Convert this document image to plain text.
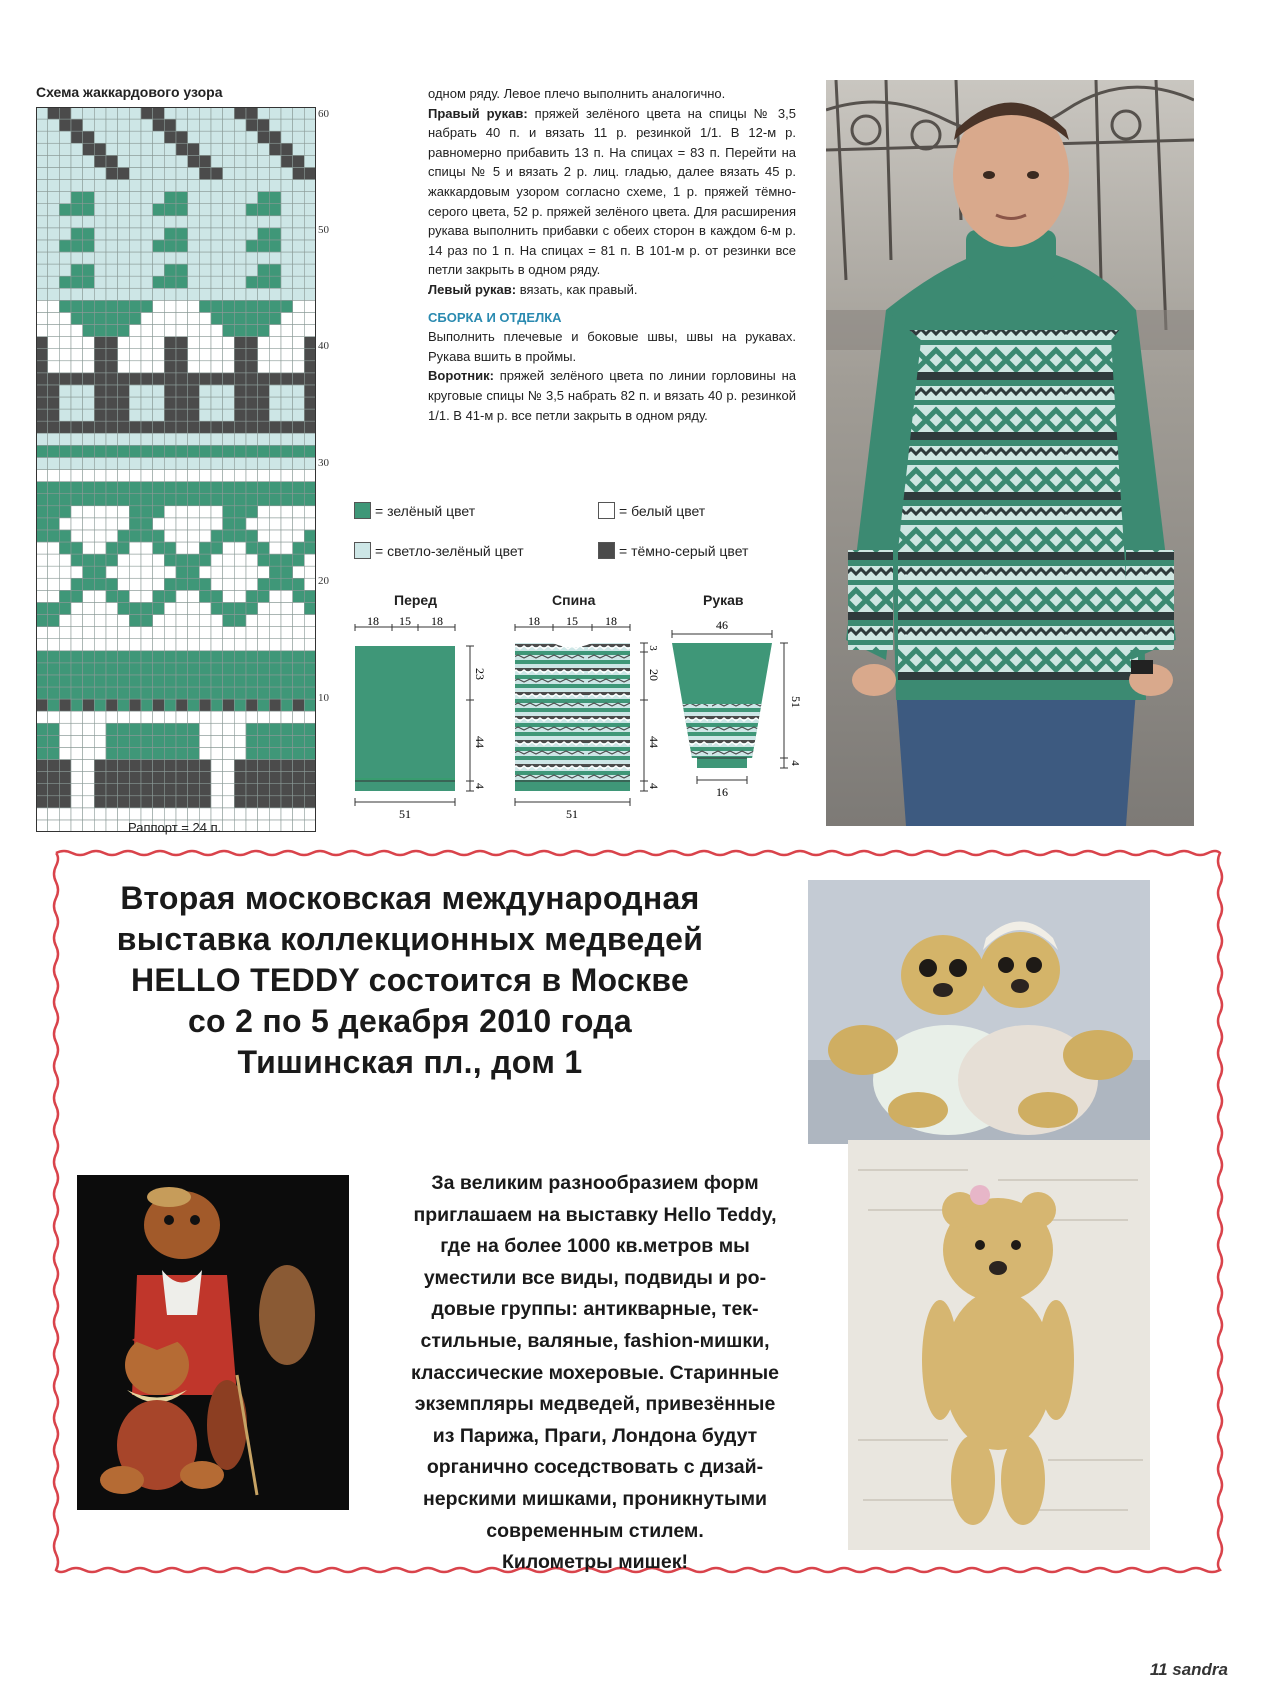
Схема жаккардового узора
60
50
40
30
20
10
Раппорт = 24 п.

одном ряду. Левое плечо выполнить аналогично.

Правый рукав: пряжей зелёного цвета на спицы № 3,5 набрать 40 п. и вязать 11 р. резинкой 1/1. В 12-м р. равномерно прибавить 13 п. На спицах = 83 п. Перейти на спицы № 5 и вязать 2 р. лиц. гладью, далее вязать 45 р. жаккардовым узором согласно схеме, 1 р. пряжей тёмно-серого цвета, 52 р. пряжей зелёного цвета. Для расширения рукава выполнить прибавки с обеих сторон в каждом 6-м р. 14 раз по 1 п. На спицах = 81 п. В 101-м р. от резинки все петли закрыть в одном ряду.

Левый рукав: вязать, как правый.

СБОРКА И ОТДЕЛКА

Выполнить плечевые и боковые швы, швы на рукавах. Рукава вшить в проймы.

Воротник: пряжей зелёного цвета по линии горловины на круговые спицы № 3,5 набрать 82 п. и вязать 40 р. резинкой 1/1. В 41-м р. все петли закрыть в одном ряду.

= зелёный цвет	= белый цвет
= светло-зелёный цвет	= тёмно-серый цвет
Перед	Спина	Рукав
18 15 18
23
44
4
51
18 15 18
3
20
44
4
51
46
51
4
16
Вторая московская международная
выставка коллекционных медведей
HELLO TEDDY состоится в Москве
со 2 по 5 декабря 2010 года
Тишинская пл., дом 1
За великим разнообразием форм
приглашаем на выставку Hello Teddy,
где на более 1000 кв.метров мы
уместили все виды, подвиды и ро-
довые группы: антикварные, тек-
стильные, валяные, fashion-мишки,
классические мохеровые. Старинные
экземпляры медведей, привезённые
из Парижа, Праги, Лондона будут
органично соседствовать с дизай-
нерскими мишками, проникнутыми
современным стилем.
Километры мишек!
11 sandra
